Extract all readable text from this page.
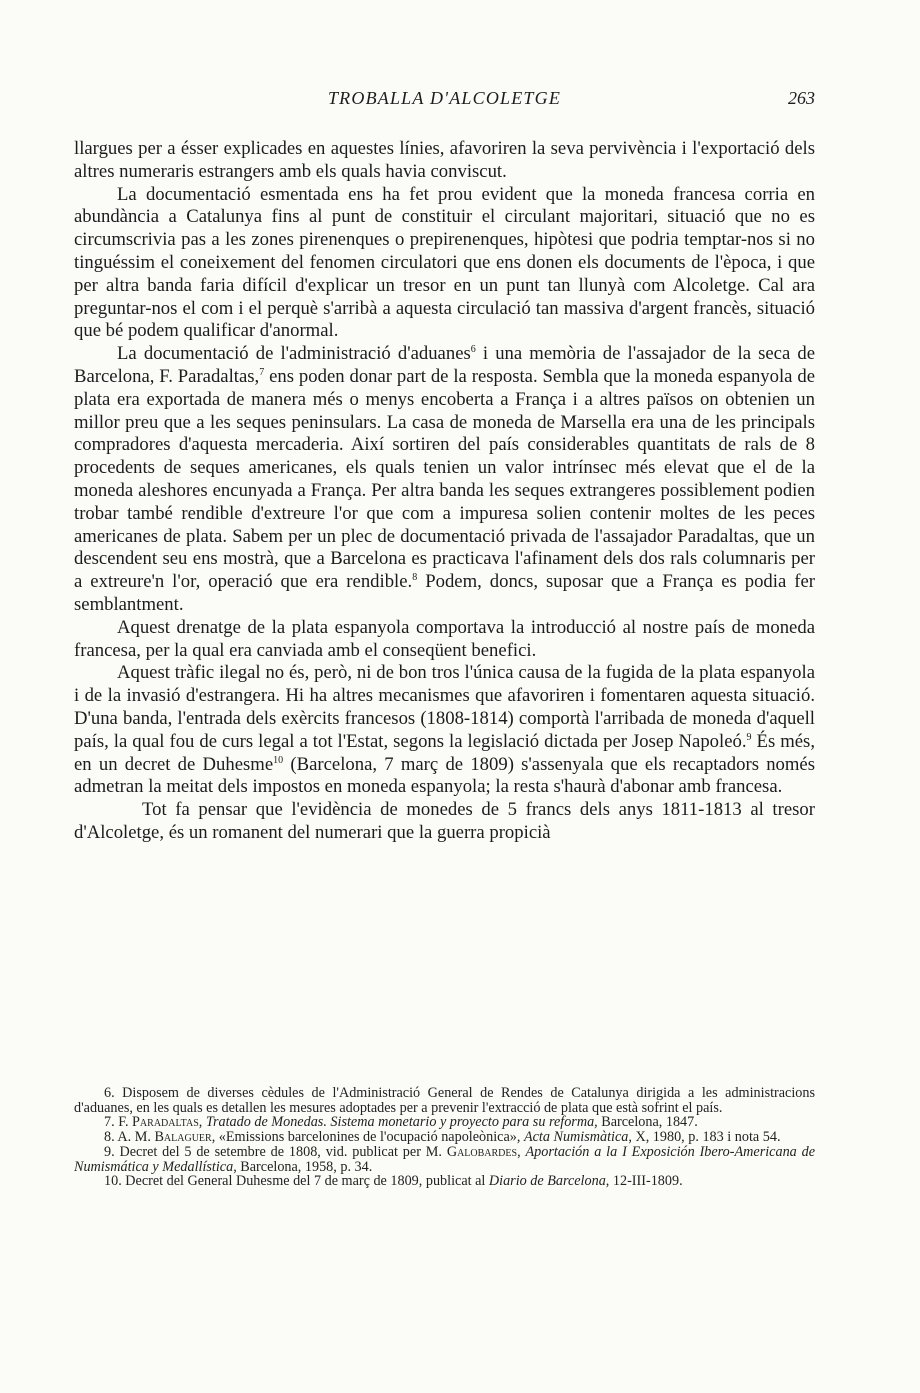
TROBALLA D'ALCOLETGE	263

llargues per a ésser explicades en aquestes línies, afavoriren la seva pervivència i l'exportació dels altres numeraris estrangers amb els quals havia conviscut.

La documentació esmentada ens ha fet prou evident que la moneda francesa corria en abundància a Catalunya fins al punt de constituir el circulant majoritari, situació que no es circumscrivia pas a les zones pirenenques o prepirenenques, hipòtesi que podria temptar-nos si no tinguéssim el coneixement del fenomen circulatori que ens donen els documents de l'època, i que per altra banda faria difícil d'explicar un tresor en un punt tan llunyà com Alcoletge. Cal ara preguntar-nos el com i el perquè s'arribà a aquesta circulació tan massiva d'argent francès, situació que bé podem qualificar d'anormal.

La documentació de l'administració d'aduanes$^6$ i una memòria de l'assajador de la seca de Barcelona, F. Paradaltas,$^7$ ens poden donar part de la resposta. Sembla que la moneda espanyola de plata era exportada de manera més o menys encoberta a França i a altres països on obtenien un millor preu que a les seques peninsulars. La casa de moneda de Marsella era una de les principals compradores d'aquesta mercaderia. Així sortiren del país considerables quantitats de rals de 8 procedents de seques americanes, els quals tenien un valor intrínsec més elevat que el de la moneda aleshores encunyada a França. Per altra banda les seques extrangeres possiblement podien trobar també rendible d'extreure l'or que com a impuresa solien contenir moltes de les peces americanes de plata. Sabem per un plec de documentació privada de l'assajador Paradaltas, que un descendent seu ens mostrà, que a Barcelona es practicava l'afinament dels dos rals columnaris per a extreure'n l'or, operació que era rendible.$^8$ Podem, doncs, suposar que a França es podia fer semblantment.

Aquest drenatge de la plata espanyola comportava la introducció al nostre país de moneda francesa, per la qual era canviada amb el conseqüent benefici.

Aquest tràfic ilegal no és, però, ni de bon tros l'única causa de la fugida de la plata espanyola i de la invasió d'estrangera. Hi ha altres mecanismes que afavoriren i fomentaren aquesta situació. D'una banda, l'entrada dels exèrcits francesos (1808-1814) comportà l'arribada de moneda d'aquell país, la qual fou de curs legal a tot l'Estat, segons la legislació dictada per Josep Napoleó.$^9$ És més, en un decret de Duhesme$^{10}$ (Barcelona, 7 març de 1809) s'assenyala que els recaptadors només admetran la meitat dels impostos en moneda espanyola; la resta s'haurà d'abonar amb francesa.

Tot fa pensar que l'evidència de monedes de 5 francs dels anys 1811-1813 al tresor d'Alcoletge, és un romanent del numerari que la guerra propicià

6. Disposem de diverses cèdules de l'Administració General de Rendes de Catalunya dirigida a les administracions d'aduanes, en les quals es detallen les mesures adoptades per a prevenir l'extracció de plata que està sofrint el país.

7. F. Paradaltas, Tratado de Monedas. Sistema monetario y proyecto para su reforma, Barcelona, 1847.

8. A. M. Balaguer, «Emissions barcelonines de l'ocupació napoleònica», Acta Numismàtica, X, 1980, p. 183 i nota 54.

9. Decret del 5 de setembre de 1808, vid. publicat per M. Galobardes, Aportación a la I Exposición Ibero-Americana de Numismática y Medallística, Barcelona, 1958, p. 34.

10. Decret del General Duhesme del 7 de març de 1809, publicat al Diario de Barcelona, 12-III-1809.
